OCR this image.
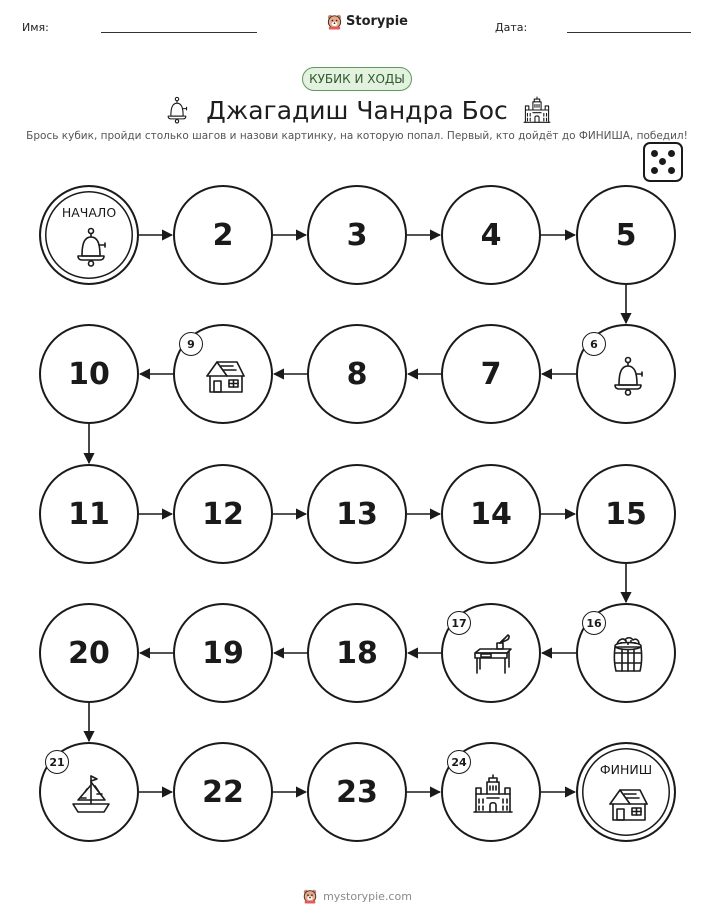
Имя:	Storypie	Дата:
КУБИК И ХОДЫ
Джагадиш Чандра Бос
Брось кубик, пройди столько шагов и назови картинку, на которую попал. Первый, кто дойдёт до ФИНИША, победил!
НАЧАЛО
2	3	4	5
6
7
8
9
10
11	12	13	14	15
16
17
18
19
20
21
22	23
24	ФИНИШ
mystorypie.com
